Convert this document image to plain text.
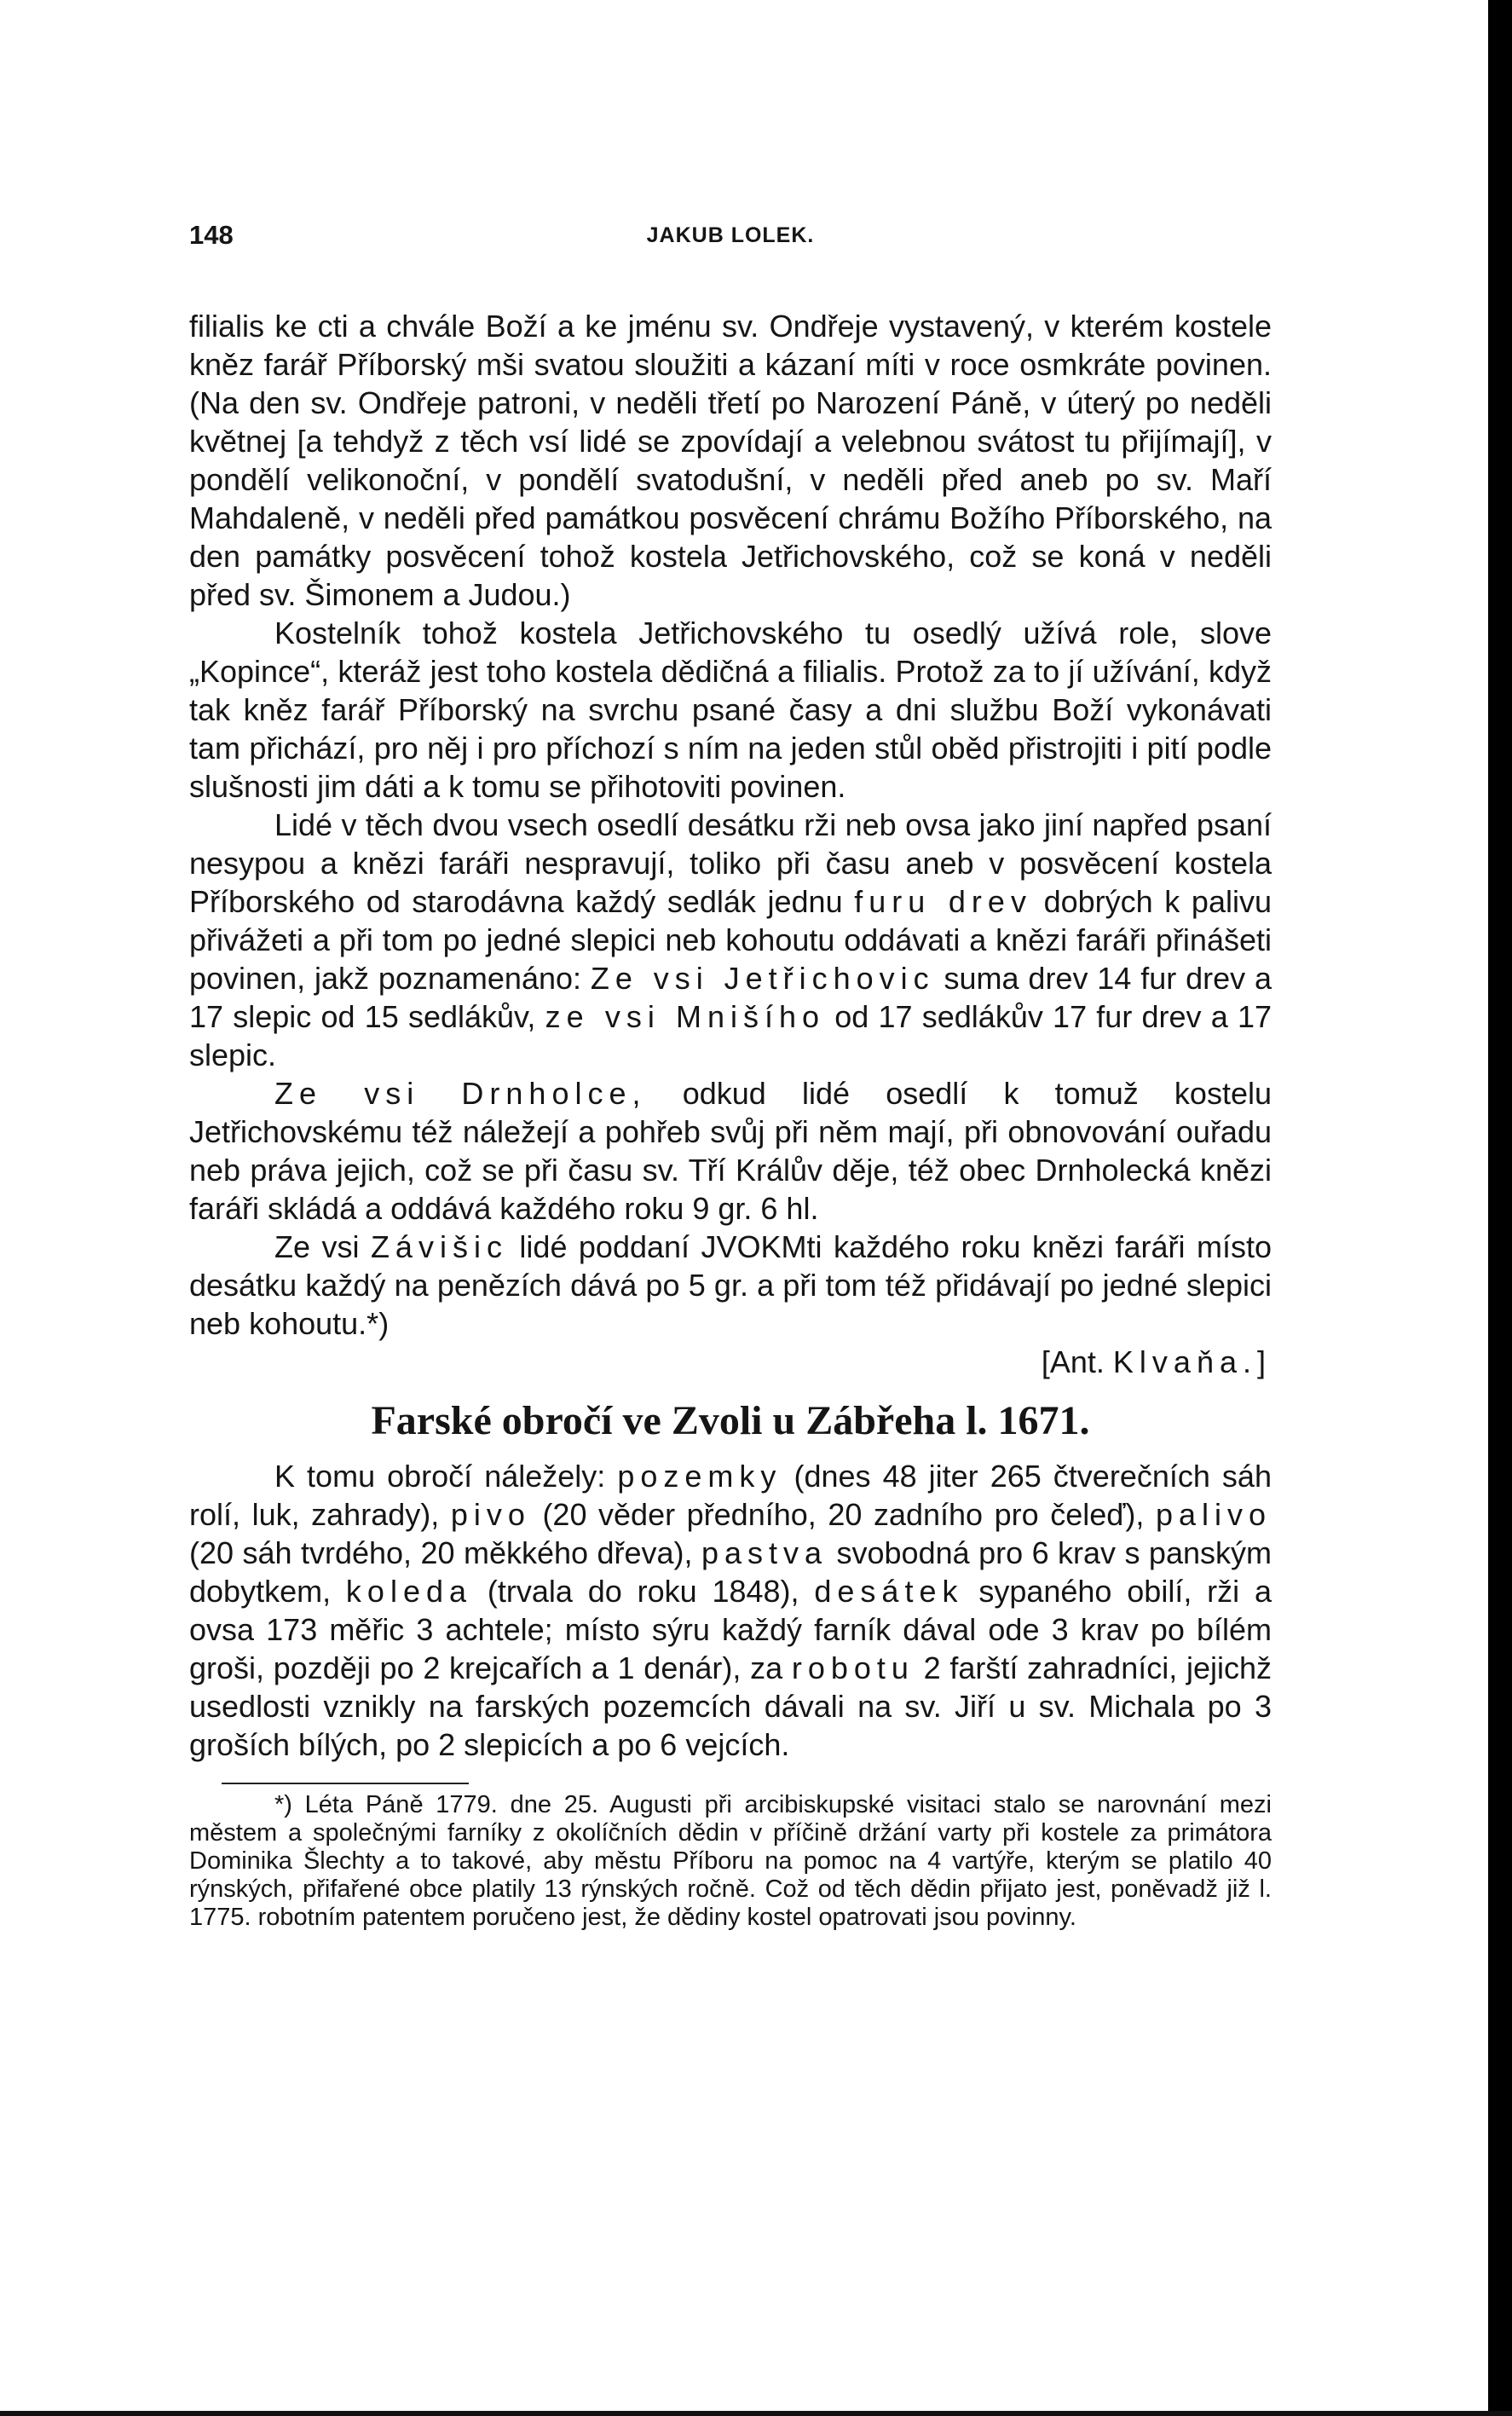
148	JAKUB LOLEK.

filialis ke cti a chvále Boží a ke jménu sv. Ondřeje vystavený, v kterém kostele kněz farář Příborský mši svatou sloužiti a kázaní míti v roce osmkráte povinen. (Na den sv. Ondřeje patroni, v neděli třetí po Narození Páně, v úterý po neděli květnej [a tehdyž z těch vsí lidé se zpovídají a velebnou svátost tu přijímají], v pondělí velikonoční, v pondělí svatodušní, v neděli před aneb po sv. Maří Mahdaleně, v neděli před památkou posvěcení chrámu Božího Příborského, na den památky posvěcení tohož kostela Jetřichovského, což se koná v neděli před sv. Šimonem a Judou.)

Kostelník tohož kostela Jetřichovského tu osedlý užívá role, slove „Kopince“, kteráž jest toho kostela dědičná a filialis. Protož za to jí užívání, když tak kněz farář Příborský na svrchu psané časy a dni službu Boží vykonávati tam přichází, pro něj i pro příchozí s ním na jeden stůl oběd přistrojiti i pití podle slušnosti jim dáti a k tomu se přihotoviti povinen.

Lidé v těch dvou vsech osedlí desátku rži neb ovsa jako jiní napřed psaní nesypou a knězi faráři nespravují, toliko při času aneb v posvěcení kostela Příborského od starodávna každý sedlák jednu furu drev dobrých k palivu přivážeti a při tom po jedné slepici neb kohoutu oddávati a knězi faráři přinášeti povinen, jakž poznamenáno: Ze vsi Jetřichovic suma drev 14 fur drev a 17 slepic od 15 sedlákův, ze vsi Mnišího od 17 sedlákův 17 fur drev a 17 slepic.

Ze vsi Drnholce, odkud lidé osedlí k tomuž kostelu Jetřichovskému též náležejí a pohřeb svůj při něm mají, při obnovování ouřadu neb práva jejich, což se při času sv. Tří Králův děje, též obec Drnholecká knězi faráři skládá a oddává každého roku 9 gr. 6 hl.

Ze vsi Závišic lidé poddaní JVOKMti každého roku knězi faráři místo desátku každý na penězích dává po 5 gr. a při tom též přidávají po jedné slepici neb kohoutu.*)

[Ant. Klvaňa.]
Farské obročí ve Zvoli u Zábřeha l. 1671.

K tomu obročí náležely: pozemky (dnes 48 jiter 265 čtverečních sáh rolí, luk, zahrady), pivo (20 věder předního, 20 zadního pro čeleď), palivo (20 sáh tvrdého, 20 měkkého dřeva), pastva svobodná pro 6 krav s panským dobytkem, koleda (trvala do roku 1848), desátek sypaného obilí, rži a ovsa 173 měřic 3 achtele; místo sýru každý farník dával ode 3 krav po bílém groši, později po 2 krejcařích a 1 denár), za robotu 2 farští zahradníci, jejichž usedlosti vznikly na farských pozemcích dávali na sv. Jiří u sv. Michala po 3 groších bílých, po 2 slepicích a po 6 vejcích.

*) Léta Páně 1779. dne 25. Augusti při arcibiskupské visitaci stalo se narovnání mezi městem a společnými farníky z okolíčních dědin v příčině držání varty při kostele za primátora Dominika Šlechty a to takové, aby městu Příboru na pomoc na 4 vartýře, kterým se platilo 40 rýnských, přifařené obce platily 13 rýnských ročně. Což od těch dědin přijato jest, poněvadž již l. 1775. robotním patentem poručeno jest, že dědiny kostel opatrovati jsou povinny.
